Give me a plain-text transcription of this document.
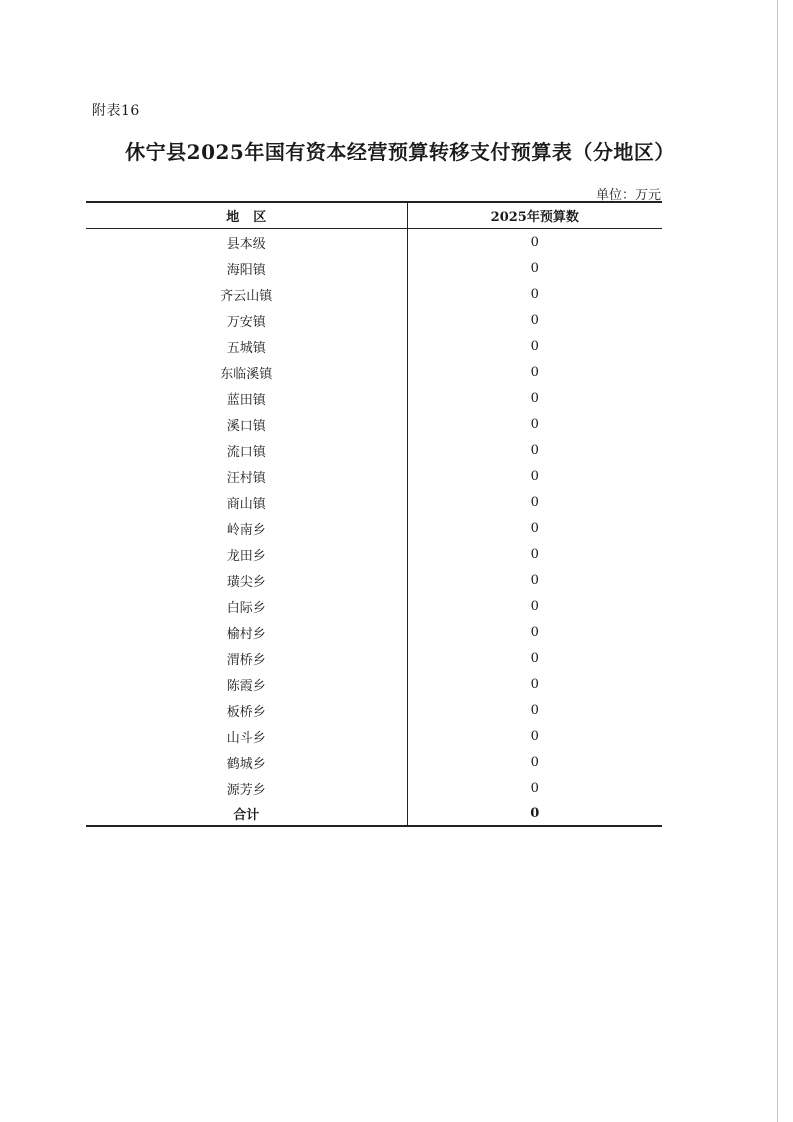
附表16
休宁县2025年国有资本经营预算转移支付预算表（分地区）
单位：万元
地区	2025年预算数
县本级	0
海阳镇	0
齐云山镇	0
万安镇	0
五城镇	0
东临溪镇	0
蓝田镇	0
溪口镇	0
流口镇	0
汪村镇	0
商山镇	0
岭南乡	0
龙田乡	0
璜尖乡	0
白际乡	0
榆村乡	0
渭桥乡	0
陈霞乡	0
板桥乡	0
山斗乡	0
鹤城乡	0
源芳乡	0
合计	0
